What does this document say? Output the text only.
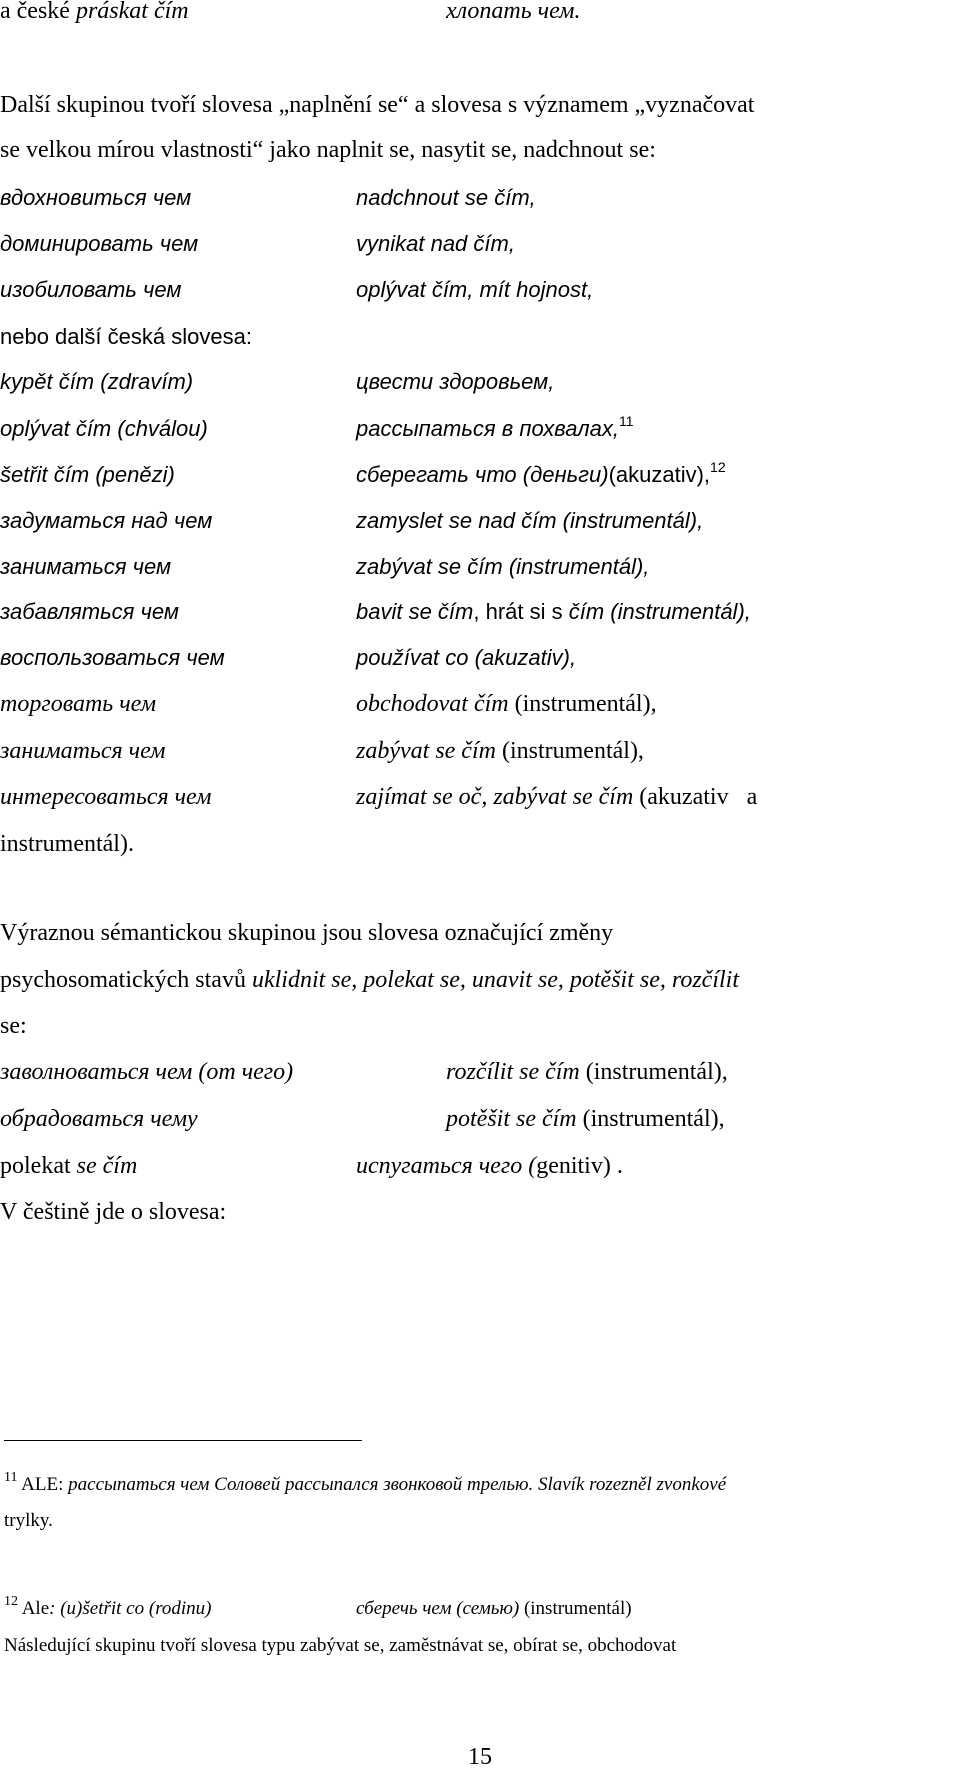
a české práskat čím	хлопать чем.
Další skupinou tvoří slovesa „naplnění se“ a slovesa s významem „vyznačovat
se velkou mírou vlastnosti“ jako naplnit se, nasytit se, nadchnout se:
вдохновиться чем	nadchnout se čím,
доминировать чем	vynikat nad čím,
изобиловать чем	oplývat čím, mít hojnost,
nebo další česká slovesa:
kypět čím (zdravím)	цвести здоровьем,
oplývat čím (chválou)	рассыпаться в похвалах,$^{11}$
šetřit čím (penězi)	сберегать что (деньги)(akuzativ),$^{12}$
задуматься над чем	zamyslet se nad čím (instrumentál),
заниматься чем	zabývat se čím (instrumentál),
забавляться чем	bavit se čím, hrát si s čím (instrumentál),
воспользоваться чем	používat co (akuzativ),
торговать чем	obchodovat čím (instrumentál),
заниматься чем	zabývat se čím (instrumentál),
интересоваться чем	zajímat se oč, zabývat se čím (akuzativ   a
instrumentál).
Výraznou sémantickou skupinou jsou slovesa označující změny
psychosomatických stavů uklidnit se, polekat se, unavit se, potěšit se, rozčílit
se:
заволноваться чем (от чего)	rozčílit se čím (instrumentál),
обрадоваться чему	potěšit se čím (instrumentál),
polekat se čím	испугаться чего (genitiv) .
V češtině jde o slovesa:
$^{11}$ ALE: рассыпаться чем Соловей рассыпался звонковой трелью. Slavík rozezněl zvonkové
trylky.
$^{12}$ Ale: (u)šetřit co (rodinu)	сберечь чем (семью) (instrumentál)
Následující skupinu tvoří slovesa typu zabývat se, zaměstnávat se, obírat se, obchodovat
15
